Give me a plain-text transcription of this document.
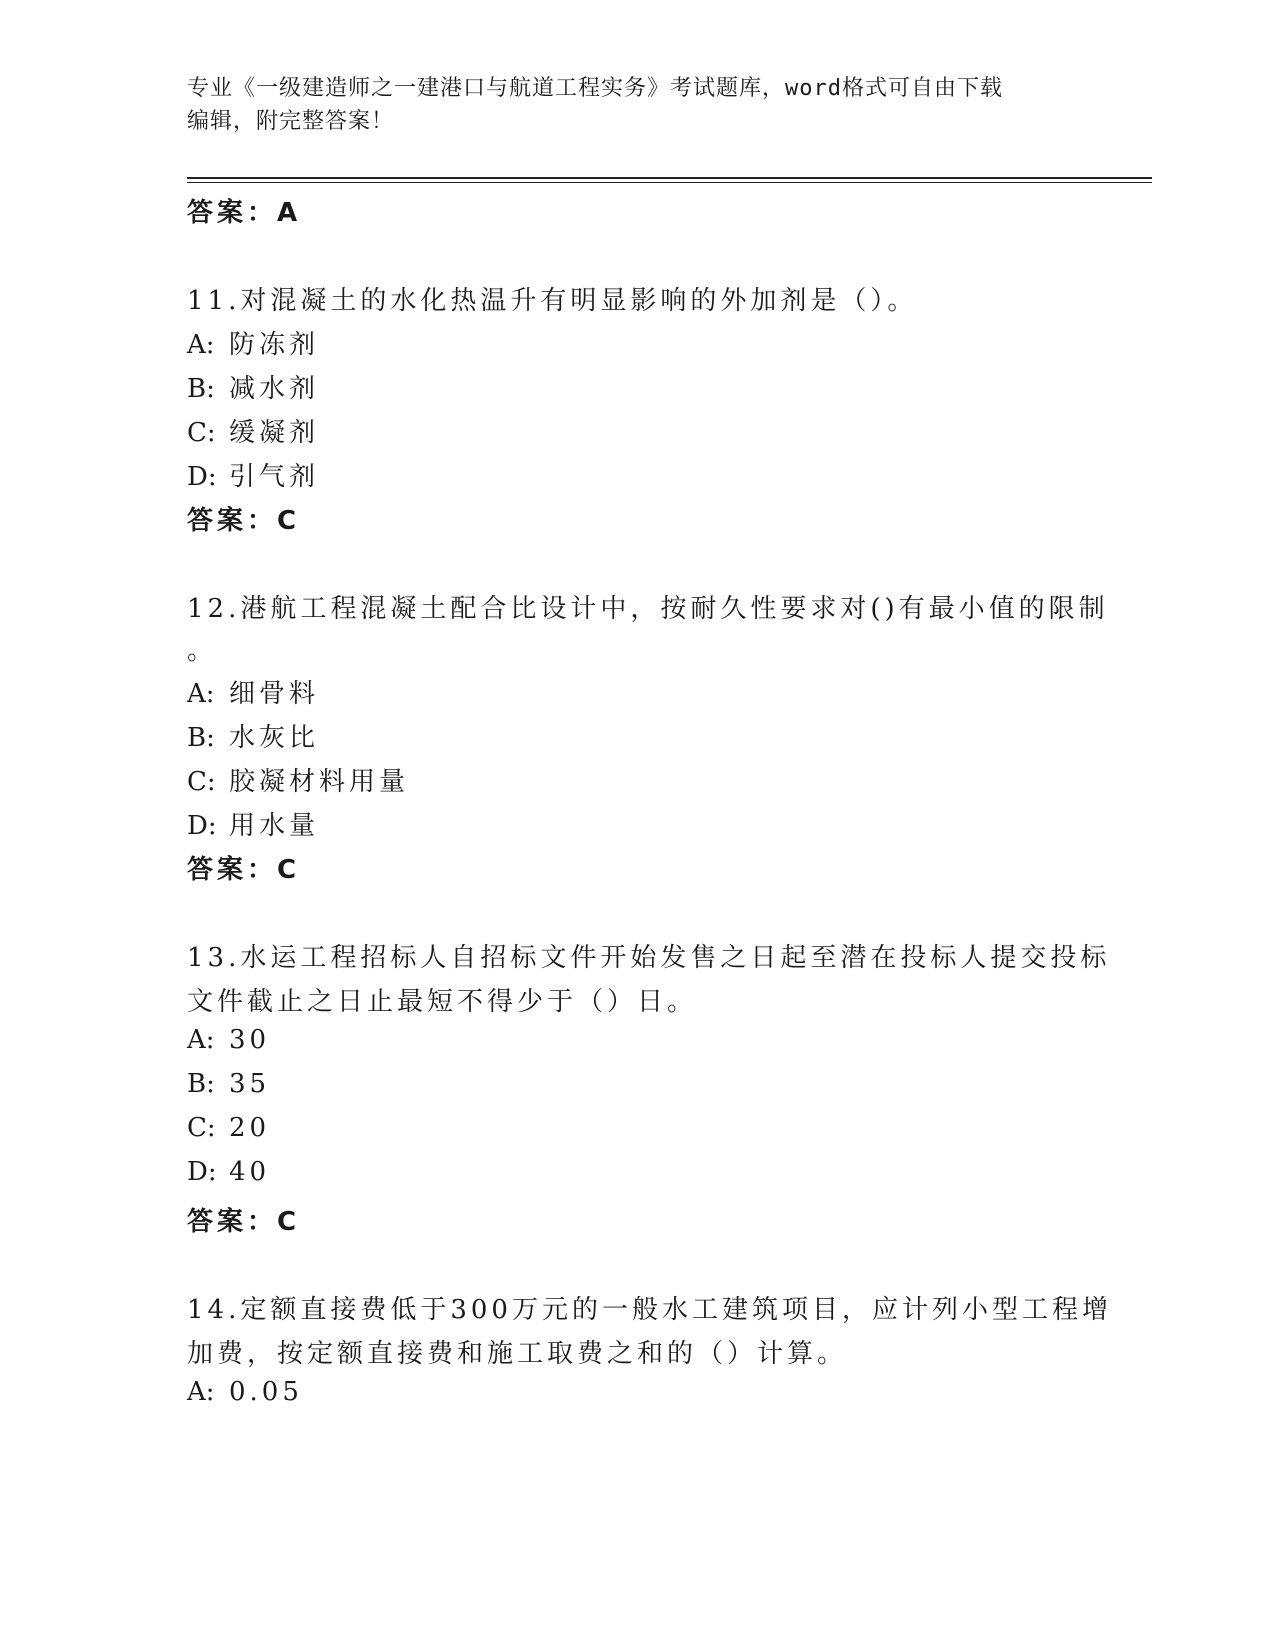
专业《一级建造师之一建港口与航道工程实务》考试题库，word格式可自由下载
编辑，附完整答案！
答案：A
11.对混凝土的水化热温升有明显影响的外加剂是（）。
A: 防冻剂
B: 减水剂
C: 缓凝剂
D: 引气剂
答案：C
12.港航工程混凝土配合比设计中，按耐久性要求对()有最小值的限制
。
A: 细骨料
B: 水灰比
C: 胶凝材料用量
D: 用水量
答案：C
13.水运工程招标人自招标文件开始发售之日起至潜在投标人提交投标
文件截止之日止最短不得少于（）日。
A: 30
B: 35
C: 20
D: 40
答案：C
14.定额直接费低于300万元的一般水工建筑项目，应计列小型工程增
加费，按定额直接费和施工取费之和的（）计算。
A: 0.05
